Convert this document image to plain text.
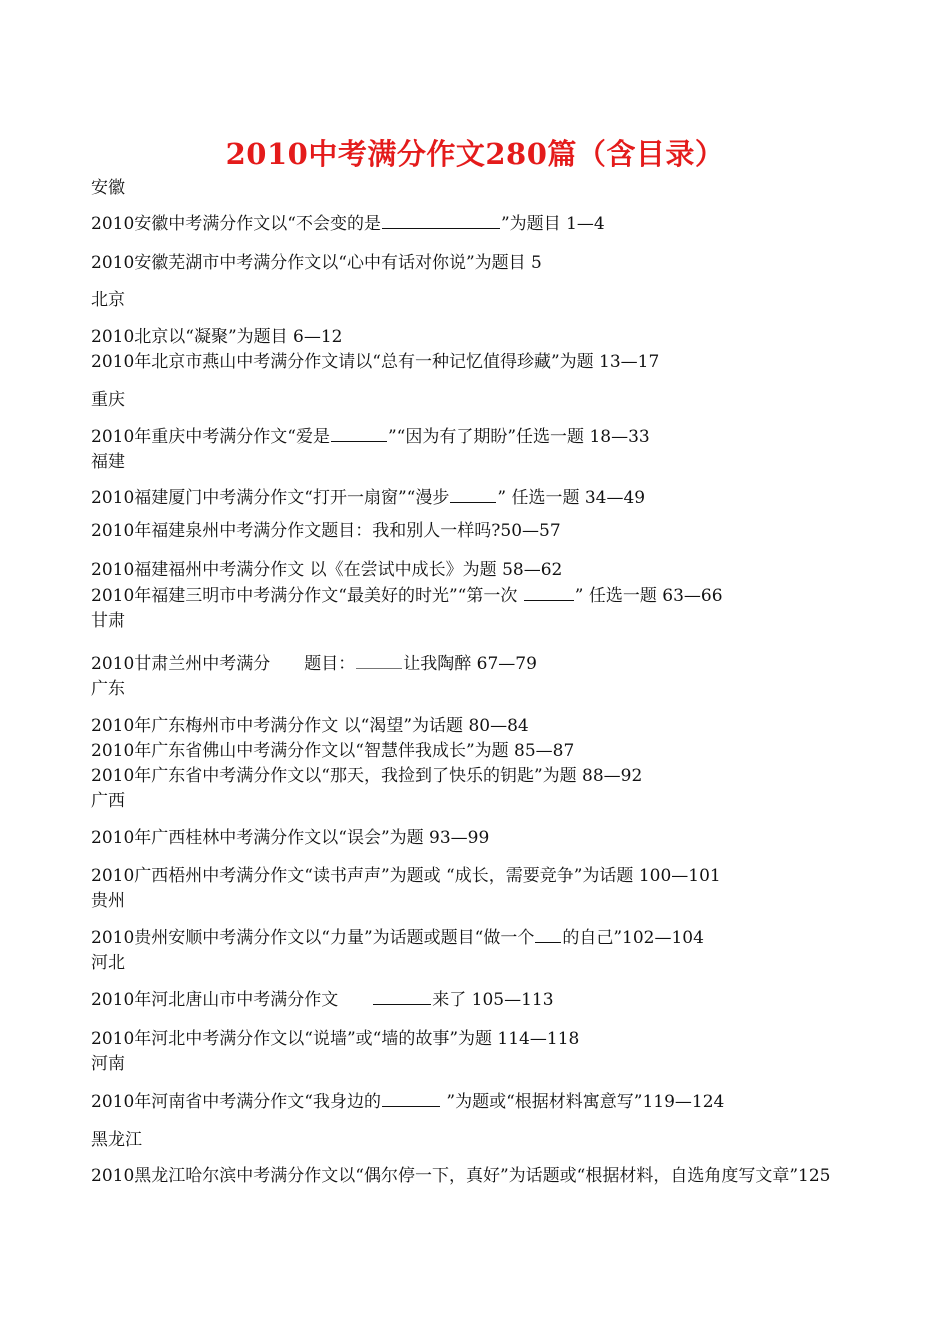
2010中考满分作文280篇（含目录）
安徽
2010安徽中考满分作文以“不会变的是	”为题目 1—4
2010安徽芜湖市中考满分作文以“心中有话对你说”为题目 5
北京
2010北京以“凝聚”为题目 6—12
2010年北京市燕山中考满分作文请以“总有一种记忆值得珍藏”为题 13—17
重庆
2010年重庆中考满分作文“爱是	”“因为有了期盼”任选一题 18—33
福建
2010福建厦门中考满分作文“打开一扇窗”“漫步	” 任选一题 34—49
2010年福建泉州中考满分作文题目：我和别人一样吗?50—57
2010福建福州中考满分作文 以《在尝试中成长》为题 58—62
2010年福建三明市中考满分作文“最美好的时光”“第一次	” 任选一题 63—66
甘肃
2010甘肃兰州中考满分　　题目：	让我陶醉 67—79
广东
2010年广东梅州市中考满分作文 以“渴望”为话题 80—84
2010年广东省佛山中考满分作文以“智慧伴我成长”为题 85—87
2010年广东省中考满分作文以“那天，我捡到了快乐的钥匙”为题 88—92
广西
2010年广西桂林中考满分作文以“误会”为题 93—99
2010广西梧州中考满分作文“读书声声”为题或 “成长，需要竞争”为话题 100—101
贵州
2010贵州安顺中考满分作文以“力量”为话题或题目“做一个 的自己”102—104
河北
2010年河北唐山市中考满分作文　　	来了 105—113
2010年河北中考满分作文以“说墙”或“墙的故事”为题 114—118
河南
2010年河南省中考满分作文“我身边的	”为题或“根据材料寓意写”119—124
黑龙江
2010黑龙江哈尔滨中考满分作文以“偶尔停一下，真好”为话题或“根据材料，自选角度写文章”125
